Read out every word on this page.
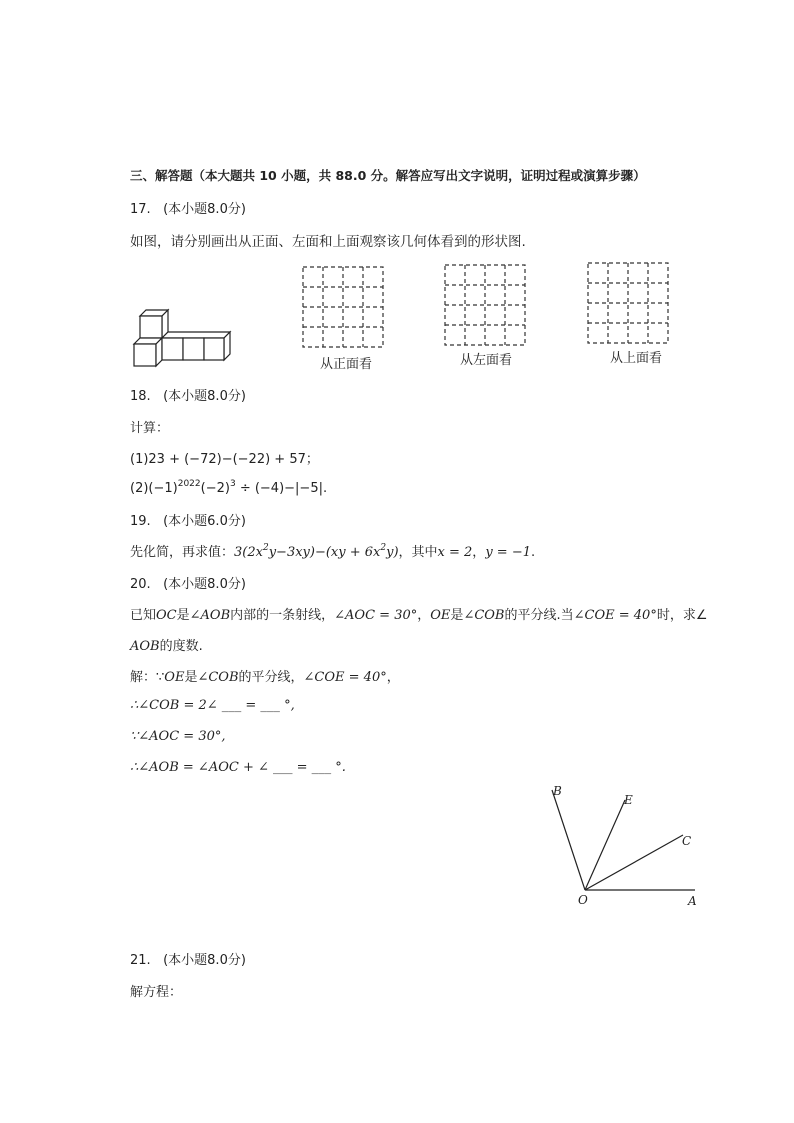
三、解答题（本大题共 10 小题，共 88.0 分。解答应写出文字说明，证明过程或演算步骤）
17. (本小题8.0分)
如图，请分别画出从正面、左面和上面观察该几何体看到的形状图.
从正面看	从左面看	从上面看
18. (本小题8.0分)
计算：
(1)23 + (−72)−(−22) + 57；
$(2)(-1)^{2022}(-2)^3 \div (-4)-|-5|$.
19. (本小题6.0分)
先化简，再求值：$3(2x^2y-3xy)-(xy + 6x^2y)$，其中x = 2，y = −1.
20. (本小题8.0分)
已知OC是∠AOB内部的一条射线，∠AOC = 30°，OE是∠COB的平分线.当∠COE = 40°时，求∠
AOB的度数.
解：∵OE是∠COB的平分线，∠COE = 40°，
∴∠COB = 2∠ ___ = ___ °,
∵∠AOC = 30°,
∴∠AOB = ∠AOC + ∠ ___ = ___ °.
B
E
C
O	A
21. (本小题8.0分)
解方程：
